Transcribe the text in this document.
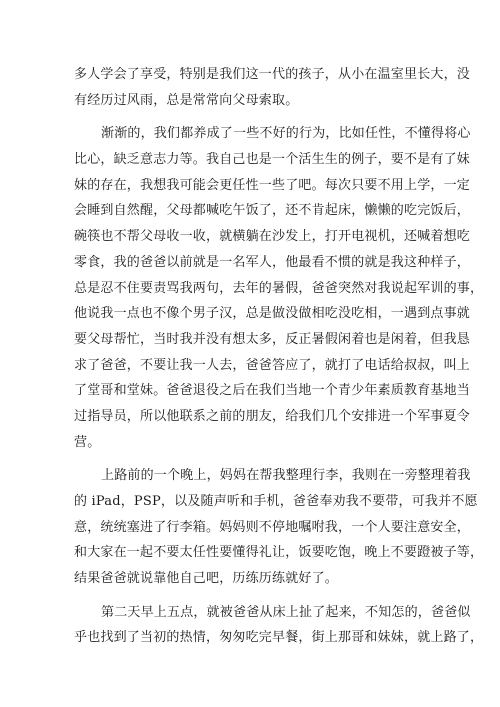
多人学会了享受，特别是我们这一代的孩子，从小在温室里长大，没
有经历过风雨，总是常常向父母索取。
渐渐的，我们都养成了一些不好的行为，比如任性，不懂得将心
比心，缺乏意志力等。我自己也是一个活生生的例子，要不是有了妹
妹的存在，我想我可能会更任性一些了吧。每次只要不用上学，一定
会睡到自然醒，父母都喊吃午饭了，还不肯起床，懒懒的吃完饭后，
碗筷也不帮父母收一收，就横躺在沙发上，打开电视机，还喊着想吃
零食，我的爸爸以前就是一名军人，他最看不惯的就是我这种样子，
总是忍不住要责骂我两句，去年的暑假，爸爸突然对我说起军训的事，
他说我一点也不像个男子汉，总是做没做相吃没吃相，一遇到点事就
要父母帮忙，当时我并没有想太多，反正暑假闲着也是闲着，但我恳
求了爸爸，不要让我一人去，爸爸答应了，就打了电话给叔叔，叫上
了堂哥和堂妹。爸爸退役之后在我们当地一个青少年素质教育基地当
过指导员，所以他联系之前的朋友，给我们几个安排进一个军事夏令
营。
上路前的一个晚上，妈妈在帮我整理行李，我则在一旁整理着我
的 iPad，PSP，以及随声听和手机，爸爸奉劝我不要带，可我并不愿
意，统统塞进了行李箱。妈妈则不停地嘱咐我，一个人要注意安全，
和大家在一起不要太任性要懂得礼让，饭要吃饱，晚上不要蹬被子等，
结果爸爸就说靠他自己吧，历练历练就好了。
第二天早上五点，就被爸爸从床上扯了起来，不知怎的，爸爸似
乎也找到了当初的热情，匆匆吃完早餐，街上那哥和妹妹，就上路了，
